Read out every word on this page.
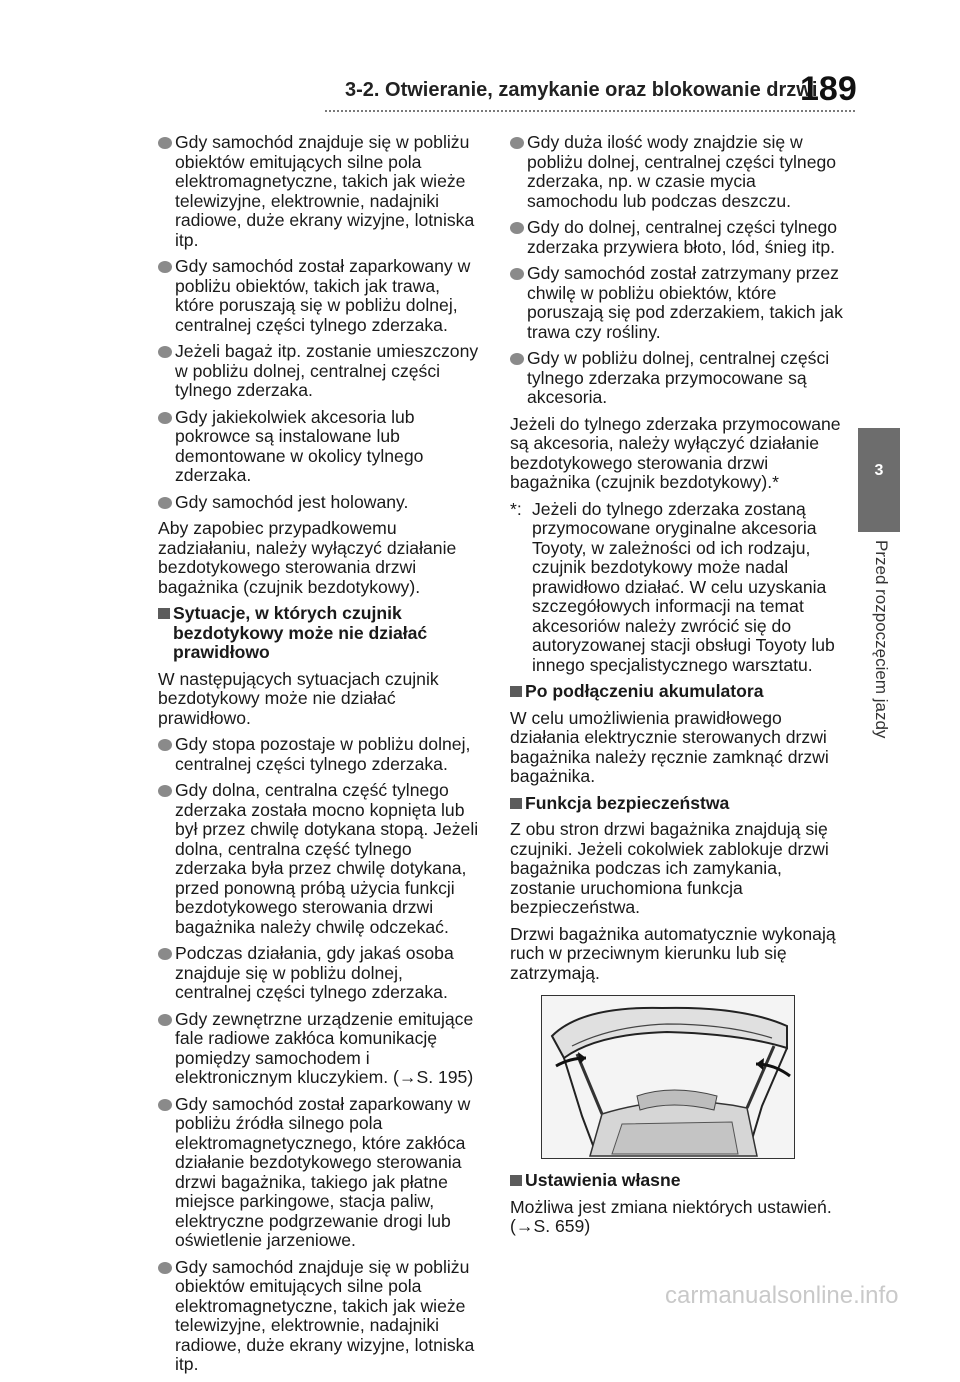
3-2. Otwieranie, zamykanie oraz blokowanie drzwi
189
3
Przed rozpoczęciem jazdy
Gdy samochód znajduje się w pobliżu obiektów emitujących silne pola elektromagnetyczne, takich jak wieże telewizyjne, elektrownie, nadajniki radiowe, duże ekrany wizyjne, lotniska itp.
Gdy samochód został zaparkowany w pobliżu obiektów, takich jak trawa, które poruszają się w pobliżu dolnej, centralnej części tylnego zderzaka.
Jeżeli bagaż itp. zostanie umieszczony w pobliżu dolnej, centralnej części tylnego zderzaka.
Gdy jakiekolwiek akcesoria lub pokrowce są instalowane lub demontowane w okolicy tylnego zderzaka.
Gdy samochód jest holowany.

Aby zapobiec przypadkowemu zadziałaniu, należy wyłączyć działanie bezdotykowego sterowania drzwi bagażnika (czujnik bezdotykowy).

Sytuacje, w których czujnik bezdotykowy może nie działać prawidłowo

W następujących sytuacjach czujnik bezdotykowy może nie działać prawidłowo.

Gdy stopa pozostaje w pobliżu dolnej, centralnej części tylnego zderzaka.
Gdy dolna, centralna część tylnego zderzaka została mocno kopnięta lub był przez chwilę dotykana stopą. Jeżeli dolna, centralna część tylnego zderzaka była przez chwilę dotykana, przed ponowną próbą użycia funkcji bezdotykowego sterowania drzwi bagażnika należy chwilę odczekać.
Podczas działania, gdy jakaś osoba znajduje się w pobliżu dolnej, centralnej części tylnego zderzaka.
Gdy zewnętrzne urządzenie emitujące fale radiowe zakłóca komunikację pomiędzy samochodem i elektronicznym kluczykiem. (→S. 195)
Gdy samochód został zaparkowany w pobliżu źródła silnego pola elektromagnetycznego, które zakłóca działanie bezdotykowego sterowania drzwi bagażnika, takiego jak płatne miejsce parkingowe, stacja paliw, elektryczne podgrzewanie drogi lub oświetlenie jarzeniowe.
Gdy samochód znajduje się w pobliżu obiektów emitujących silne pola elektromagnetyczne, takich jak wieże telewizyjne, elektrownie, nadajniki radiowe, duże ekrany wizyjne, lotniska itp.
Gdy duża ilość wody znajdzie się w pobliżu dolnej, centralnej części tylnego zderzaka, np. w czasie mycia samochodu lub podczas deszczu.
Gdy do dolnej, centralnej części tylnego zderzaka przywiera błoto, lód, śnieg itp.
Gdy samochód został zatrzymany przez chwilę w pobliżu obiektów, które poruszają się pod zderzakiem, takich jak trawa czy rośliny.
Gdy w pobliżu dolnej, centralnej części tylnego zderzaka przymocowane są akcesoria.

Jeżeli do tylnego zderzaka przymocowane są akcesoria, należy wyłączyć działanie bezdotykowego sterowania drzwi bagażnika (czujnik bezdotykowy).*

*: Jeżeli do tylnego zderzaka zostaną przymocowane oryginalne akcesoria Toyoty, w zależności od ich rodzaju, czujnik bezdotykowy może nadal prawidłowo działać. W celu uzyskania szczegółowych informacji na temat akcesoriów należy zwrócić się do autoryzowanej stacji obsługi Toyoty lub innego specjalistycznego warsztatu.
Po podłączeniu akumulatora

W celu umożliwienia prawidłowego działania elektrycznie sterowanych drzwi bagażnika należy ręcznie zamknąć drzwi bagażnika.

Funkcja bezpieczeństwa

Z obu stron drzwi bagażnika znajdują się czujniki. Jeżeli cokolwiek zablokuje drzwi bagażnika podczas ich zamykania, zostanie uruchomiona funkcja bezpieczeństwa.

Drzwi bagażnika automatycznie wykonają ruch w przeciwnym kierunku lub się zatrzymają.

Ustawienia własne

Możliwa jest zmiana niektórych ustawień. (→S. 659)

carmanualsonline.info
